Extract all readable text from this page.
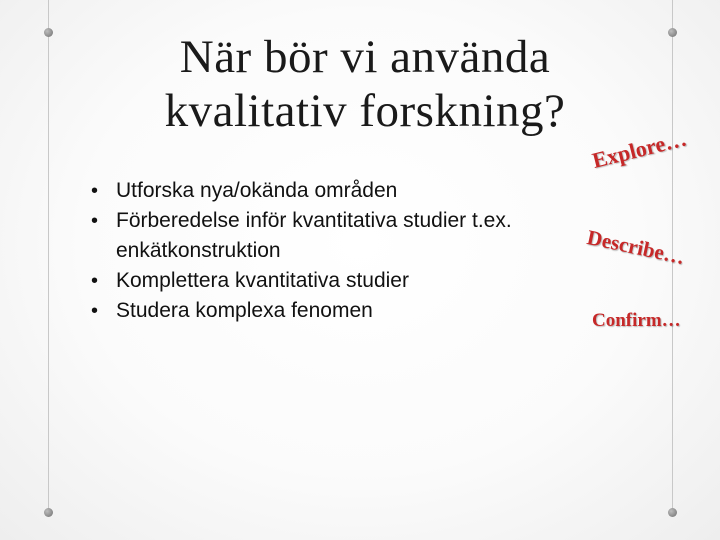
När bör vi använda kvalitativ forskning?
• Utforska nya/okända områden
• Förberedelse inför kvantitativa studier t.ex. enkätkonstruktion
• Komplettera kvantitativa studier
• Studera komplexa fenomen
Explore…
Describe…
Confirm…
